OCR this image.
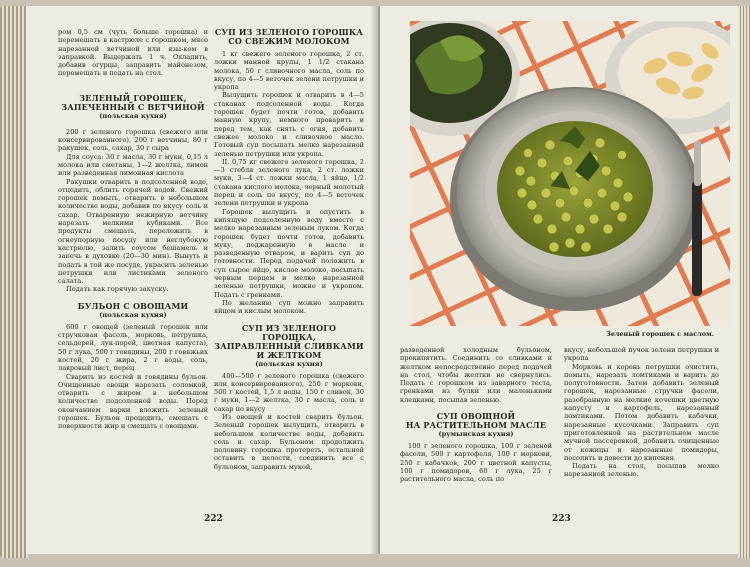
ром 0,5 см (чуть больше горошка) и перемешать в кастрюле с горошком, мясо нарезанной ветчиной или язы-ком в заправкой. Выдержать 1 ч. Охладить, добавив огурцы, заправить майонезом, перемешать и подать на стол.

ЗЕЛЕНЫЙ ГОРОШЕК,

ЗАПЕЧЕННЫЙ С ВЕТЧИНОЙ

(польская кухня)

200 г зеленого горошка (свежего или консервированного), 200 г ветчины, 80 г ракушек, соль, сахар, 30 г сыра

Для соуса: 30 г масла, 30 г муки, 0,15 л молока или сметаны, 1—2 желтка, лимон или разведенная лимонная кислота

Ракушки отварить в подсоленной воде, отцедить, облить горячей водой. Свежий горошек помыть, отварить в небольшом количестве воды, добавив по вкусу соль и сахар. Отваренную нежирную ветчину нарезать мелкими кубиками. Все продукты смешать, переложить в огнеупорную посуду или неглубокую кастрюлю, залить соусом бешамель и запечь в духовке (20—30 мин). Вынуть и подать в той же посуде, украсить зеленью петрушки или листиками зеленого салата.

Подать как горячую закуску.

БУЛЬОН С ОВОЩАМИ

(польская кухня)

600 г овощей (зеленый горошек или стручковая фасоль, морковь, петрушка, сельдерей, лук-порей, цветная капуста), 50 г лука, 500 г говядины, 200 г говяжьих костей, 20 г жира, 2 г воды, соль, лавровый лист, перец

Сварить из костей и говядины бульон. Очищенные овощи нарезать соломкой, отварить с жиром в небольшом количестве подсоленной воды. Перед окончанием варки вложить зеленый горошек. Бульон процедить, смешать с поверхности жир и смешать с овощами.

СУП ИЗ ЗЕЛЕНОГО ГОРОШКА

СО СВЕЖИМ МОЛОКОМ

1 кг свежего зеленого горошка, 2 ст. ложки манной крупы, 1 1/2 стакана молока, 50 г сливочного масла, соль по вкусу, по 4—5 веточек зелени петрушки и укропа

Вылущить горошек и отварить в 4—5 стаканах подсоленной воды. Когда горошек будет почти готов, добавить манную крупу, немного проварить и перед тем, как снять с огня, добавить свежее молоко и сливочное масло. Готовый суп посыпать мелко нарезанной зеленью петрушки или укропа.

II. 0,75 кг свежего зеленого горошка, 2—3 стебля зеленого лука, 2 ст. ложки муки, 3—4 ст. ложки масла, 1 яйцо, 1/2 стакана кислого молока, черный молотый перец и соль по вкусу, по 4—5 веточек зелени петрушки и укропа

Горошек вылущить и опустить в кипящую подсоленную воду вместе с мелко нарезанным зеленым луком. Когда горошек будет почти готов, добавить муку, поджаренную в масле и разведенную отваром, и варить суп до готовности. Перед подачей положить в суп сырое яйцо, кислое молоко, посыпать черным перцем и мелко нарезанной зеленью петрушки, можно и укропом. Подать с гренками.

По желанию суп можно заправить яйцом и кислым молоком.

СУП ИЗ ЗЕЛЕНОГО ГОРОШКА,

ЗАПРАВЛЕННЫЙ СЛИВКАМИ

И ЖЕЛТКОМ

(польская кухня)

400—500 г зеленого горошка (свежего или консервированного), 250 г моркови, 500 г костей, 1,5 л воды, 150 г сливок, 30 г муки, 1—2 желтка, 30 г масла, соль и сахар по вкусу

Из овощей и костей сварить бульон. Зеленый горошек вылущить, отварить в небольшом количестве воды, добавить соль и сахар. Бульоном продолжить половину горошка протереть, остальной оставить в целости, соединить все с бульоном, заправить мукой,

222
Зеленый горошек с маслом.

разведенной холодным бульоном, прокипятить. Соединить со сливками и желтком непосредственно перед подачей на стол, чтобы желтки не свернулись. Подать с горошком из заварного теста, гренками из булки или маленькими клецками, посыпав зеленью.

СУП ОВОЩНОЙ

НА РАСТИТЕЛЬНОМ МАСЛЕ

(румынская кухня)

100 г зеленого горошка, 100 г зеленой фасоли, 500 г картофеля, 100 г моркови, 250 г кабачков, 200 г цветной капусты, 100 г помидоров, 60 г лука, 25 г растительного масла, соль по

вкусу, небольшой пучок зелени петрушки и укропа

Морковь и корень петрушки очистить, помыть, нарезать ломтиками и варить до полуготовности. Затем добавить зеленый горошек, нарезанные стручки фасоли, разобранную на мелкие кочешки цветную капусту и картофель, нарезанный ломтиками. Потом добавить кабачки, нарезанные кусочками. Заправить суп приготовленной на растительном масле мучной пассеровкой, добавить очищенные от кожицы и нарезанные помидоры, посолить и довести до кипения.

Подать на стол, посыпав мелко нарезанной зеленью.

223
